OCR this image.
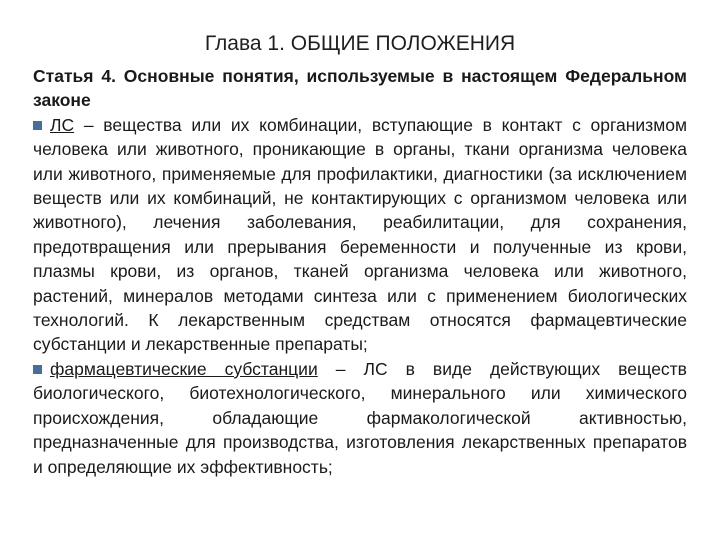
Глава 1. ОБЩИЕ ПОЛОЖЕНИЯ

Статья 4. Основные понятия, используемые в настоящем Федеральном законе

ЛС – вещества или их комбинации, вступающие в контакт с организмом человека или животного, проникающие в органы, ткани организма человека или животного, применяемые для профилактики, диагностики (за исключением веществ или их комбинаций, не контактирующих с организмом человека или животного), лечения заболевания, реабилитации, для сохранения, предотвращения или прерывания беременности и полученные из крови, плазмы крови, из органов, тканей организма человека или животного, растений, минералов методами синтеза или с применением биологических технологий. К лекарственным средствам относятся фармацевтические субстанции и лекарственные препараты;

фармацевтические субстанции – ЛС в виде действующих веществ биологического, биотехнологического, минерального или химического происхождения, обладающие фармакологической активностью, предназначенные для производства, изготовления лекарственных препаратов и определяющие их эффективность;
